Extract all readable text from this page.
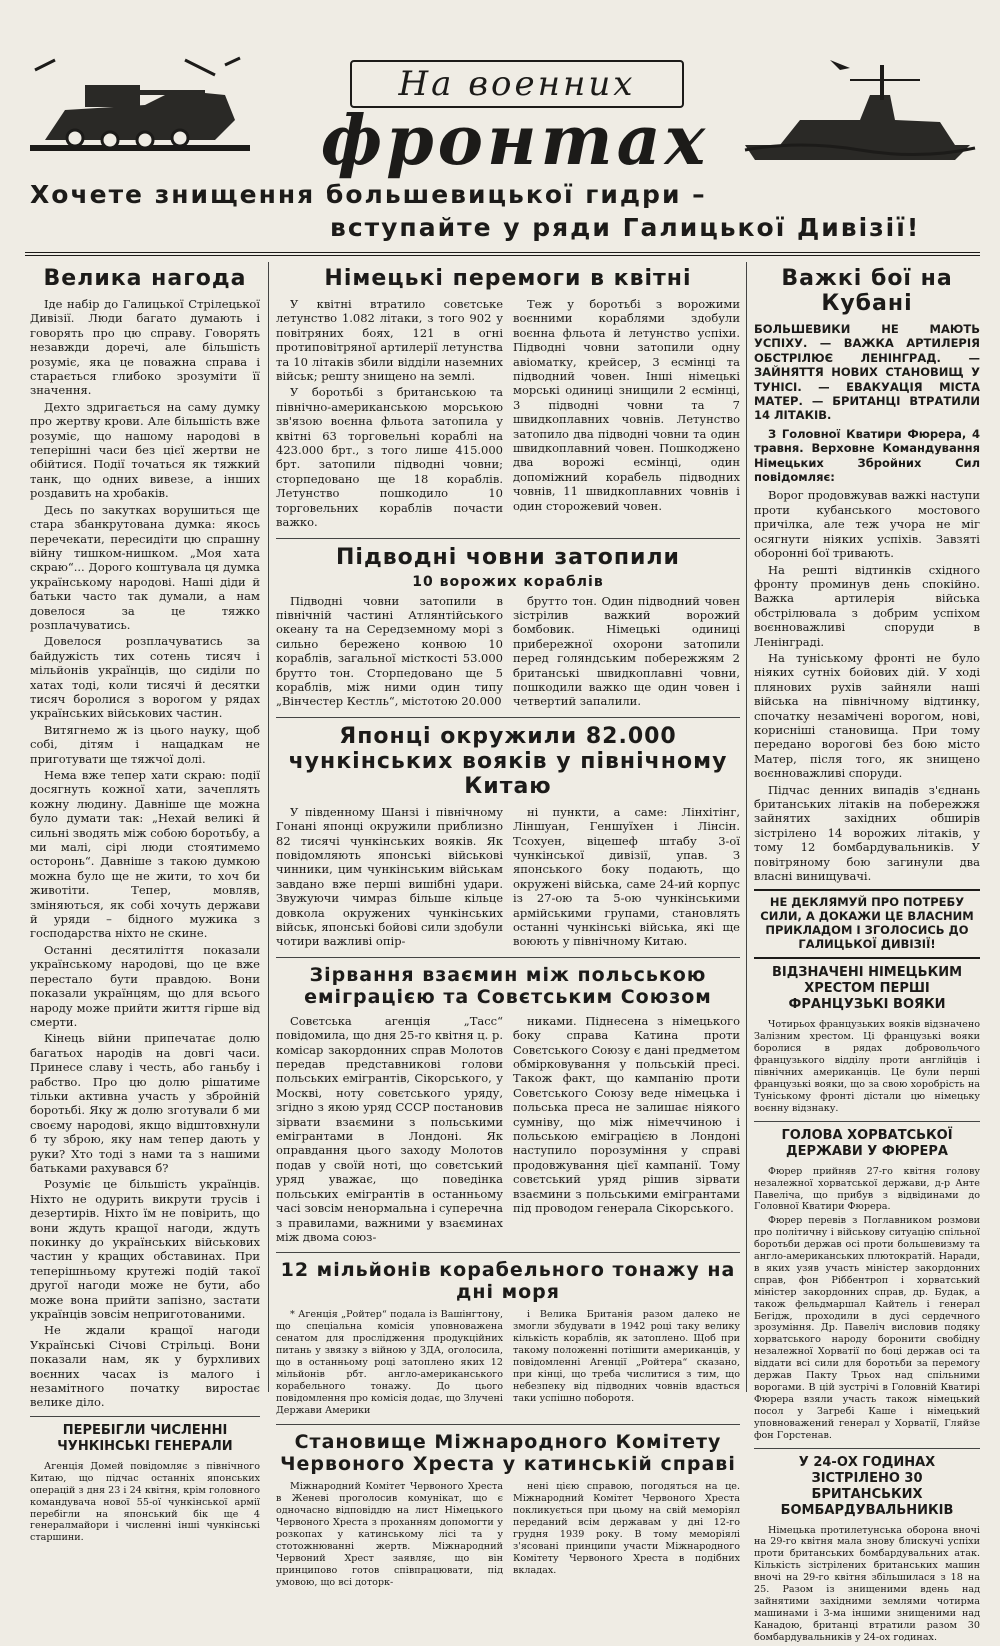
На военних
фронтах
Хочете знищення большевицької гидри –
вступайте у ряди Галицької Дивізії!
Велика нагода

Іде набір до Галицької Стрілецької Дивізії. Люди багато думають і говорять про цю справу. Говорять незавжди доречі, але більшість розуміє, яка це поважна справа і старається глибоко зрозуміти її значення.

Дехто здригається на саму думку про жертву крови. Але більшість вже розуміє, що нашому народові в теперішні часи без цієї жертви не обійтися. Події точаться як тяжкий танк, що одних вивезе, а інших роздавить на хробаків.

Десь по закутках ворушиться ще стара збанкрутована думка: якось перечекати, пересидіти цю спрашну війну тишком-нишком. „Моя хата скраю“... Дорого коштувала ця думка українському народові. Наші діди й батьки часто так думали, а нам довелося за це тяжко розплачуватись.

Довелося розплачуватись за байдужість тих сотень тисяч і мільйонів українців, що сиділи по хатах тоді, коли тисячі й десятки тисяч боролися з ворогом у рядах українських військових частин.

Витягнемо ж із цього науку, щоб собі, дітям і нащадкам не приготувати ще тяжчої долі.

Нема вже тепер хати скраю: події досягнуть кожної хати, зачеплять кожну людину. Давніше ще можна було думати так: „Нехай великі й сильні зводять між собою боротьбу, а ми малі, сірі люди стоятимемо осторонь“. Давніше з такою думкою можна було ще не жити, то хоч би животіти. Тепер, мовляв, зміняються, як собі хочуть держави й уряди – бідного мужика з господарства ніхто не скине.

Останні десятиліття показали українському народові, що це вже перестало бути правдою. Вони показали українцям, що для всього народу може прийти життя гірше від смерти.

Кінець війни припечатає долю багатьох народів на довгі часи. Принесе славу і честь, або ганьбу і рабство. Про цю долю рішатиме тільки активна участь у збройній боротьбі. Яку ж долю зготували б ми своєму народові, якщо відштовхнули б ту зброю, яку нам тепер дають у руки? Хто тоді з нами та з нашими батьками рахувався б?

Розуміє це більшість українців. Ніхто не одурить викрути трусів і дезертирів. Ніхто їм не повірить, що вони ждуть кращої нагоди, ждуть покинку до українських військових частин у кращих обставинах. При теперішньому крутежі подій такої другої нагоди може не бути, або може вона прийти запізно, застати українців зовсім неприготованими.

Не ждали кращої нагоди Українські Січові Стрільці. Вони показали нам, як у бурхливих воєнних часах із малого і незамітного початку виростає велике діло.

ПЕРЕБІГЛИ ЧИСЛЕННІ ЧУНКІНСЬКІ ГЕНЕРАЛИ

Агенція Домей повідомляє з північного Китаю, що підчас останніх японських операцій з дня 23 і 24 квітня, крім головного командувача нової 55-ої чункінської армії перебігли на японський бік ще 4 генералмайори і численні інші чункінські старшини.

Німецькі перемоги в квітні

У квітні втратило совєтське летунство 1.082 літаки, з того 902 у повітряних боях, 121 в огні протиповітряної артилерії летунства та 10 літаків збили відділи наземних військ; решту знищено на землі.

У боротьбі з британською та північно-американською морською зв'язою воєнна фльота затопила у квітні 63 торговельні кораблі на 423.000 брт., з того лише 415.000 брт. затопили підводні човни; сторпедовано ще 18 кораблів. Летунство пошкодило 10 торговельних кораблів почасти важко.

Теж у боротьбі з ворожими воєнними кораблями здобули воєнна фльота й летунство успіхи. Підводні човни затопили одну авіоматку, крейсер, 3 есмінці та підводний човен. Інші німецькі морські одиниці знищили 2 есмінці, 3 підводні човни та 7 швидкоплавних човнів. Летунство затопило два підводні човни та один швидкоплавний човен. Пошкоджено два ворожі есмінці, один допоміжний корабель підводних човнів, 11 швидкоплавних човнів і один сторожевий човен.

Підводні човни затопили
10 ворожих кораблів

Підводні човни затопили в північній частині Атлянтійського океану та на Середземному морі з сильно бережено конвою 10 кораблів, загальної місткості 53.000 брутто тон. Сторпедовано ще 5 кораблів, між ними один типу „Вінчестер Кестль“, містотою 20.000

брутто тон. Один підводний човен зістрілив важкий ворожий бомбовик. Німецькі одиниці прибережної охорони затопили перед голяндським побережжям 2 британські швидкоплавні човни, пошкодили важко ще один човен і четвертий запалили.

Японці окружили 82.000 чункінських вояків у північному Китаю

У південному Шанзі і північному Гонані японці окружили приблизно 82 тисячі чункінських вояків. Як повідомляють японські військові чинники, цим чункінським військам завдано вже перші вишібні удари. Звужуючи чимраз більше кільце довкола окружених чункінських військ, японські бойові сили здобули чотири важливі опір-

ні пункти, а саме: Лінхітінг, Ліншуан, Геншуїхен і Лінсін. Тсохуен, віцешеф штабу 3-ої чункінської дивізії, упав. З японського боку подають, що окружені війська, саме 24-ий корпус із 27-ою та 5-ою чункінськими армійськими групами, становлять останні чункінські війська, які ще воюють у північному Китаю.

Зірвання взаємин між польською еміграцією та Совєтським Союзом

Совєтська агенція „Тасс“ повідомила, що дня 25-го квітня ц. р. комісар закордонних справ Молотов передав представникові голови польських емігрантів, Сікорського, у Москві, ноту совєтського уряду, згідно з якою уряд СССР постановив зірвати взаємини з польськими емігрантами в Лондоні. Як оправдання цього заходу Молотов подав у своїй ноті, що совєтський уряд уважає, що поведінка польських емігрантів в останньому часі зовсім ненормальна і суперечна з правилами, важними у взаєминах між двома союз-

никами. Піднесена з німецького боку справа Катина проти Совєтського Союзу є дані предметом обмірковування у польській пресі. Також факт, що кампанію проти Совєтського Союзу веде німецька і польська преса не залишає ніякого сумніву, що між німеччиною і польською еміграцією в Лондоні наступило порозуміння у справі продовжування цієї кампанії. Тому совєтський уряд рішив зірвати взаємини з польськими емігрантами під проводом генерала Сікорського.

12 мільйонів корабельного тонажу на дні моря

* Агенція „Ройтер“ подала із Вашінгтону, що спеціальна комісія уповноважена сенатом для прослідження продукційних питань у звязку з війною у ЗДА, оголосила, що в останньому році затоплено яких 12 мільйонів рбт. англо-американського корабельного тонажу. До цього повідомлення про комісія додає, що Злучені Держави Америки

і Велика Британія разом далеко не змогли збудувати в 1942 році таку велику кількість кораблів, як затоплено. Щоб при такому положенні потішити американців, у повідомленні Агенції „Ройтера“ сказано, при кінці, що треба числитися з тим, що небезпеку від підводних човнів вдасться таки успішно поборотя.

Становище Міжнародного Комітету Червоного Хреста у катинській справі

Міжнародний Комітет Червоного Хреста в Женеві проголосив комунікат, що є одночасно відповіддю на лист Німецького Червоного Хреста з проханням допомогти у розкопах у катинському лісі та у стотожнюванні жертв. Міжнародний Червоний Хрест заявляє, що він принципово готов співпрацювати, під умовою, що всі доторк-

нені цією справою, погодяться на це. Міжнародний Комітет Червоного Хреста покликується при цьому на свій меморіял переданий всім державам у дні 12-го грудня 1939 року. В тому меморіялі з'ясовані принципи участи Міжнародного Комітету Червоного Хреста в подібних вкладах.

Важкі бої на Кубані
БОЛЬШЕВИКИ НЕ МАЮТЬ УСПІХУ. — ВАЖКА АРТИЛЕРІЯ ОБСТРІЛЮЄ ЛЕНІНГРАД. — ЗАЙНЯТТЯ НОВИХ СТАНОВИЩ У ТУНІСІ. — ЕВАКУАЦІЯ МІСТА МАТЕР. — БРИТАНЦІ ВТРАТИЛИ 14 ЛІТАКІВ.

З Головної Кватири Фюрера, 4 травня. Верховне Командування Німецьких Збройних Сил повідомляє:

Ворог продовжував важкі наступи проти кубанського мостового причілка, але теж учора не міг осягнути ніяких успіхів. Завзяті оборонні бої тривають.

На решті відтинків східного фронту проминув день спокійно. Важка артилерія війська обстрілювала з добрим успіхом воєнноважливі споруди в Ленінграді.

На туніському фронті не було ніяких сутніх бойових дій. У ході плянових рухів зайняли наші війська на північному відтинку, спочатку незамічені ворогом, нові, корисніші становища. При тому передано ворогові без бою місто Матер, після того, як знищено воєнноважливі споруди.

Підчас денних випадів з'єднань британських літаків на побережжя зайнятих західних обширів зістрілено 14 ворожих літаків, у тому 12 бомбардувальників. У повітряному бою загинули два власні винищувачі.

НЕ ДЕКЛЯМУЙ ПРО ПОТРЕБУ СИЛИ, А ДОКАЖИ ЦЕ ВЛАСНИМ ПРИКЛАДОМ І ЗГОЛОСИСЬ ДО ГАЛИЦЬКОЇ ДИВІЗІЇ!

ВІДЗНАЧЕНІ НІМЕЦЬКИМ ХРЕСТОМ ПЕРШІ ФРАНЦУЗЬКІ ВОЯКИ

Чотирьох французьких вояків відзначено Залізним хрестом. Ці французькі вояки боролися в рядах добровольчого французького відділу проти англійців і північних американців. Це були перші французькі вояки, що за свою хоробрість на Туніському фронті дістали цю німецьку воєнну відзнаку.

ГОЛОВА ХОРВАТСЬКОЇ ДЕРЖАВИ У ФЮРЕРА

Фюрер прийняв 27-го квітня голову незалежної хорватської держави, д-р Анте Павеліча, що прибув з відвідинами до Головної Кватири Фюрера.

Фюрер перевів з Поглавником розмови про політичну і військову ситуацію спільної боротьби держав осі проти большевизму та англо-американських плютократій. Наради, в яких узяв участь міністер закордонних справ, фон Ріббентроп і хорватський міністер закордонних справ, др. Будак, а також фельдмаршал Кайтель і генерал Бегідж, проходили в дусі сердечного зрозуміння. Др. Павеліч висловив подяку хорватського народу боронити свобідну незалежної Хорватії по боці держав осі та віддати всі сили для боротьби за перемогу держав Пакту Трьох над спільними ворогами. В цій зустрічі в Головній Кватирі Фюрера взяли участь також німецький посол у Загребі Каше і німецький уповноважений генерал у Хорватії, Гляйзе фон Горстенав.

У 24-ОХ ГОДИНАХ ЗІСТРІЛЕНО 30 БРИТАНСЬКИХ БОМБАРДУВАЛЬНИКІВ

Німецька протилетунська оборона вночі на 29-го квітня мала знову блискучі успіхи проти британських бомбардувальних атак. Кількість зістрілених британських машин вночі на 29-го квітня збільшилася з 18 на 25. Разом із знищеними вдень над зайнятими західними землями чотирма машинами і 3-ма іншими знищеними над Канадою, британці втратили разом 30 бомбардувальників у 24-ох годинах.
